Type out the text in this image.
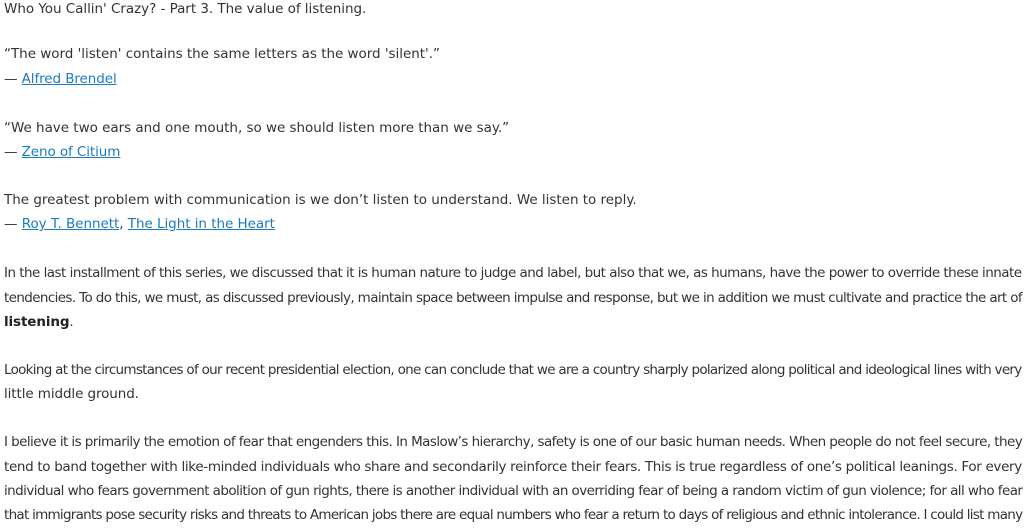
Who You Callin' Crazy? - Part 3. The value of listening.
“The word 'listen' contains the same letters as the word 'silent'.”
— Alfred Brendel
“We have two ears and one mouth, so we should listen more than we say.”
— Zeno of Citium
The greatest problem with communication is we don’t listen to understand. We listen to reply.
— Roy T. Bennett, The Light in the Heart
In the last installment of this series, we discussed that it is human nature to judge and label, but also that we, as humans, have the power to override these innate
tendencies. To do this, we must, as discussed previously, maintain space between impulse and response, but we in addition we must cultivate and practice the art of
listening.
Looking at the circumstances of our recent presidential election, one can conclude that we are a country sharply polarized along political and ideological lines with very
little middle ground.
I believe it is primarily the emotion of fear that engenders this. In Maslow’s hierarchy, safety is one of our basic human needs. When people do not feel secure, they
tend to band together with like-minded individuals who share and secondarily reinforce their fears. This is true regardless of one’s political leanings. For every
individual who fears government abolition of gun rights, there is another individual with an overriding fear of being a random victim of gun violence; for all who fear
that immigrants pose security risks and threats to American jobs there are equal numbers who fear a return to days of religious and ethnic intolerance. I could list many
